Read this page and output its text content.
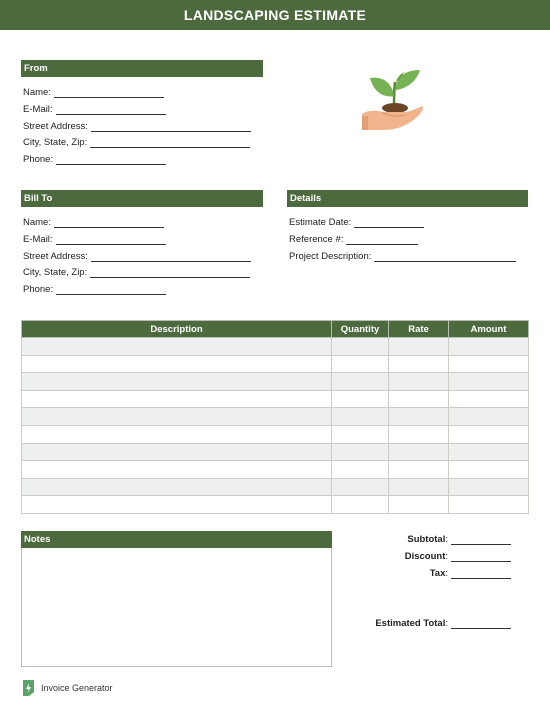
LANDSCAPING ESTIMATE
From
Name:
E-Mail:
Street Address:
City, State, Zip:
Phone:
Bill To
Name:
E-Mail:
Street Address:
City, State, Zip:
Phone:
Details
Estimate Date:
Reference #:
Project Description:
Description	Quantity	Rate	Amount

Notes	Subtotal :
Discount :
Tax :
Estimated Total :
Invoice Generator
